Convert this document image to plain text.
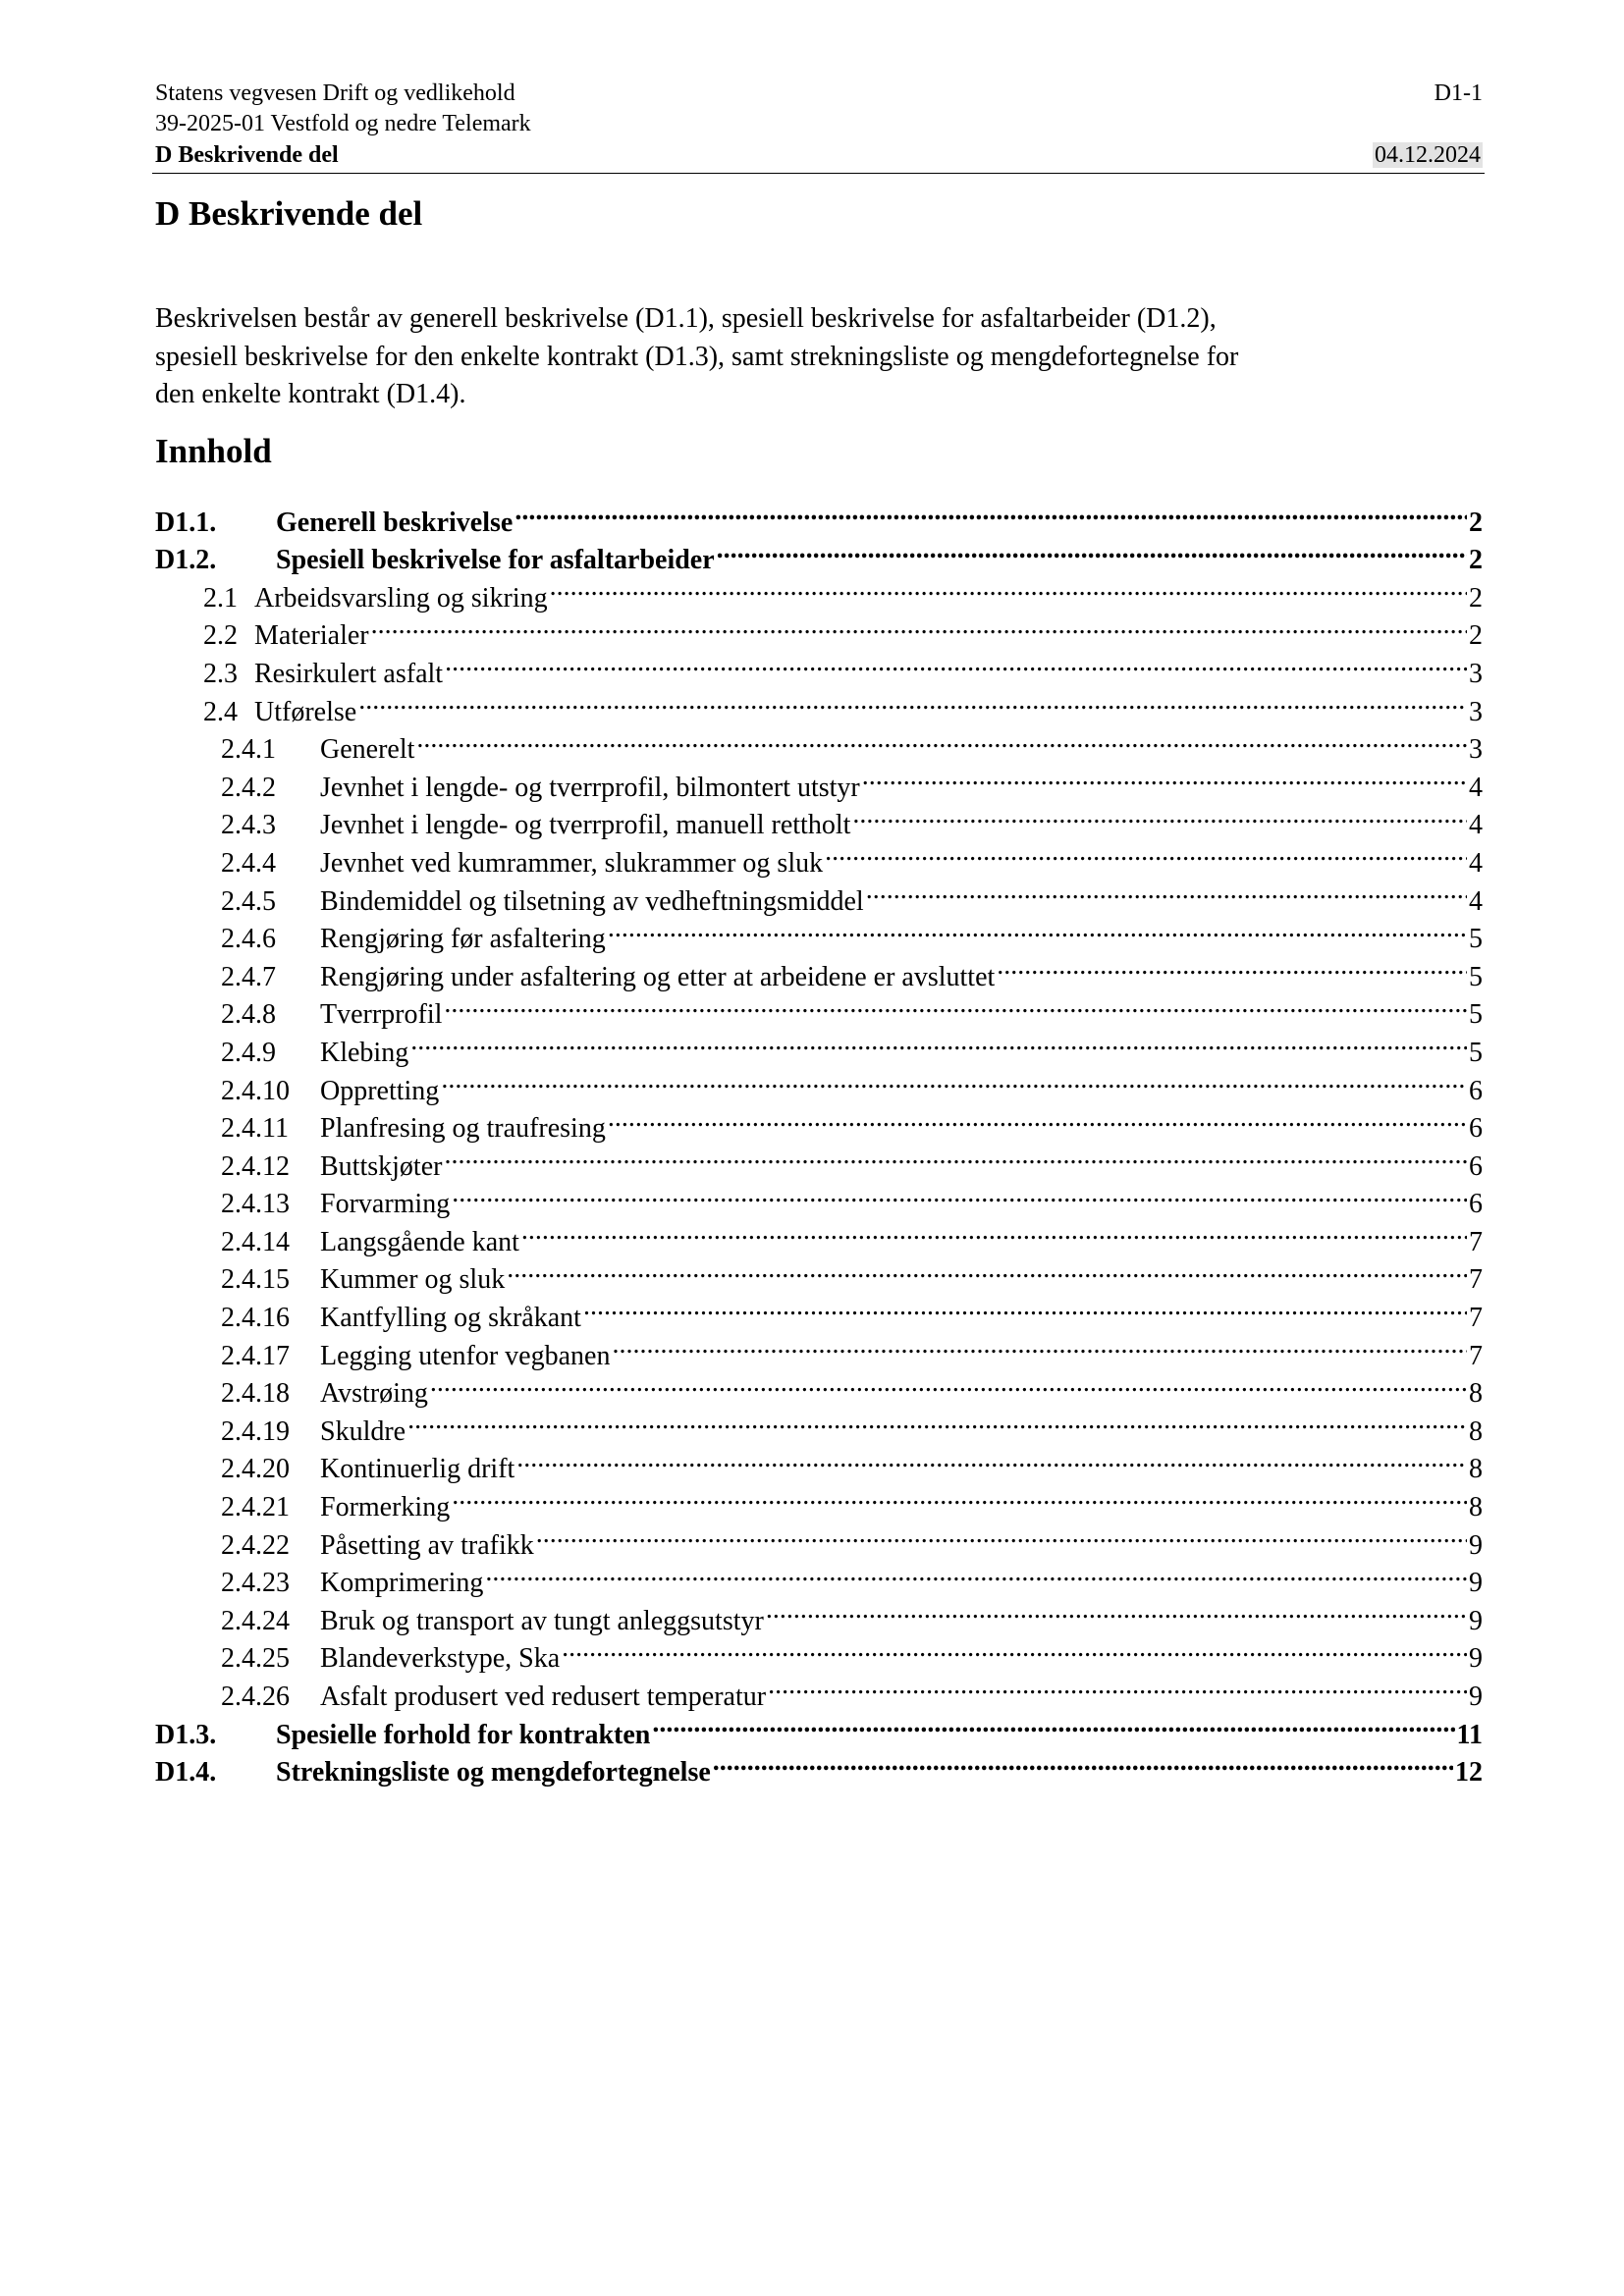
Statens vegvesen Drift og vedlikehold
39-2025-01 Vestfold og nedre Telemark
D Beskrivende del
D1-1
04.12.2024
D Beskrivende del
Beskrivelsen består av generell beskrivelse (D1.1), spesiell beskrivelse for asfaltarbeider (D1.2),
spesiell beskrivelse for den enkelte kontrakt (D1.3), samt strekningsliste og mengdefortegnelse for
den enkelte kontrakt (D1.4).
Innhold
D1.1.	Generell beskrivelse .....	2
D1.2.	Spesiell beskrivelse for asfaltarbeider .....	2
2.1 Arbeidsvarsling og sikring .....	2
2.2 Materialer .....	2
2.3 Resirkulert asfalt .....	3
2.4 Utførelse .....	3
2.4.1	Generelt .....	3
2.4.2	Jevnhet i lengde- og tverrprofil, bilmontert utstyr .....	4
2.4.3	Jevnhet i lengde- og tverrprofil, manuell rettholt .....	4
2.4.4	Jevnhet ved kumrammer, slukrammer og sluk .....	4
2.4.5	Bindemiddel og tilsetning av vedheftningsmiddel .....	4
2.4.6	Rengjøring før asfaltering .....	5
2.4.7	Rengjøring under asfaltering og etter at arbeidene er avsluttet .....	5
2.4.8	Tverrprofil .....	5
2.4.9	Klebing .....	5
2.4.10	Oppretting .....	6
2.4.11	Planfresing og traufresing .....	6
2.4.12	Buttskjøter .....	6
2.4.13	Forvarming .....	6
2.4.14	Langsgående kant .....	7
2.4.15	Kummer og sluk .....	7
2.4.16	Kantfylling og skråkant .....	7
2.4.17	Legging utenfor vegbanen .....	7
2.4.18	Avstrøing .....	8
2.4.19	Skuldre .....	8
2.4.20	Kontinuerlig drift .....	8
2.4.21	Formerking .....	8
2.4.22	Påsetting av trafikk .....	9
2.4.23	Komprimering .....	9
2.4.24	Bruk og transport av tungt anleggsutstyr .....	9
2.4.25	Blandeverkstype, Ska .....	9
2.4.26	Asfalt produsert ved redusert temperatur .....	9
D1.3.	Spesielle forhold for kontrakten .....	11
D1.4.	Strekningsliste og mengdefortegnelse .....	12
